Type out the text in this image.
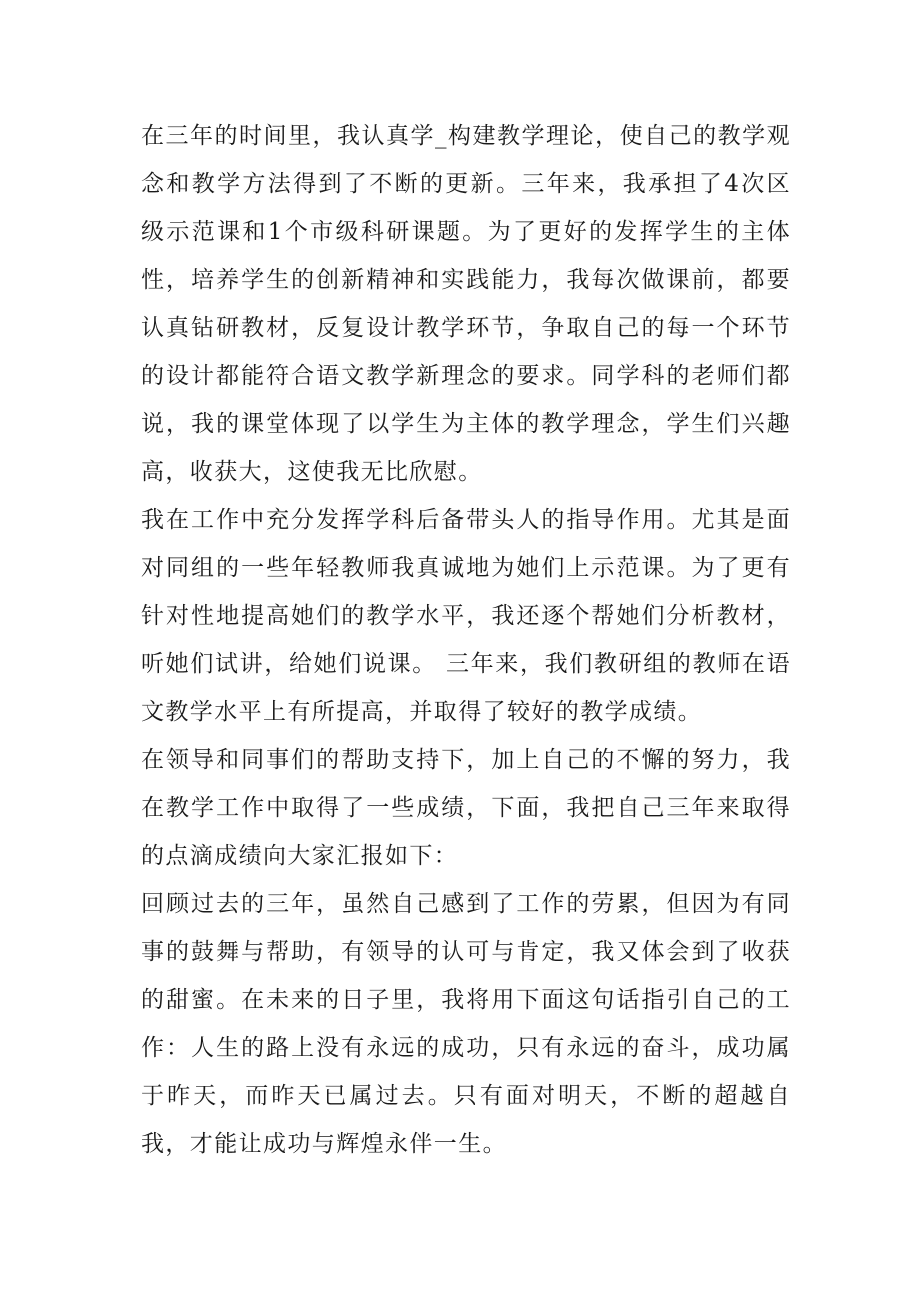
在三年的时间里，我认真学_构建教学理论，使自己的教学观念和教学方法得到了不断的更新。三年来，我承担了4次区级示范课和1个市级科研课题。为了更好的发挥学生的主体性，培养学生的创新精神和实践能力，我每次做课前，都要认真钻研教材，反复设计教学环节，争取自己的每一个环节的设计都能符合语文教学新理念的要求。同学科的老师们都说，我的课堂体现了以学生为主体的教学理念，学生们兴趣高，收获大，这使我无比欣慰。

我在工作中充分发挥学科后备带头人的指导作用。尤其是面对同组的一些年轻教师我真诚地为她们上示范课。为了更有针对性地提高她们的教学水平，我还逐个帮她们分析教材，听她们试讲，给她们说课。 三年来，我们教研组的教师在语文教学水平上有所提高，并取得了较好的教学成绩。

在领导和同事们的帮助支持下，加上自己的不懈的努力，我在教学工作中取得了一些成绩，下面，我把自己三年来取得的点滴成绩向大家汇报如下：

回顾过去的三年，虽然自己感到了工作的劳累，但因为有同事的鼓舞与帮助，有领导的认可与肯定，我又体会到了收获的甜蜜。在未来的日子里，我将用下面这句话指引自己的工作：人生的路上没有永远的成功，只有永远的奋斗，成功属于昨天，而昨天已属过去。只有面对明天，不断的超越自我，才能让成功与辉煌永伴一生。
